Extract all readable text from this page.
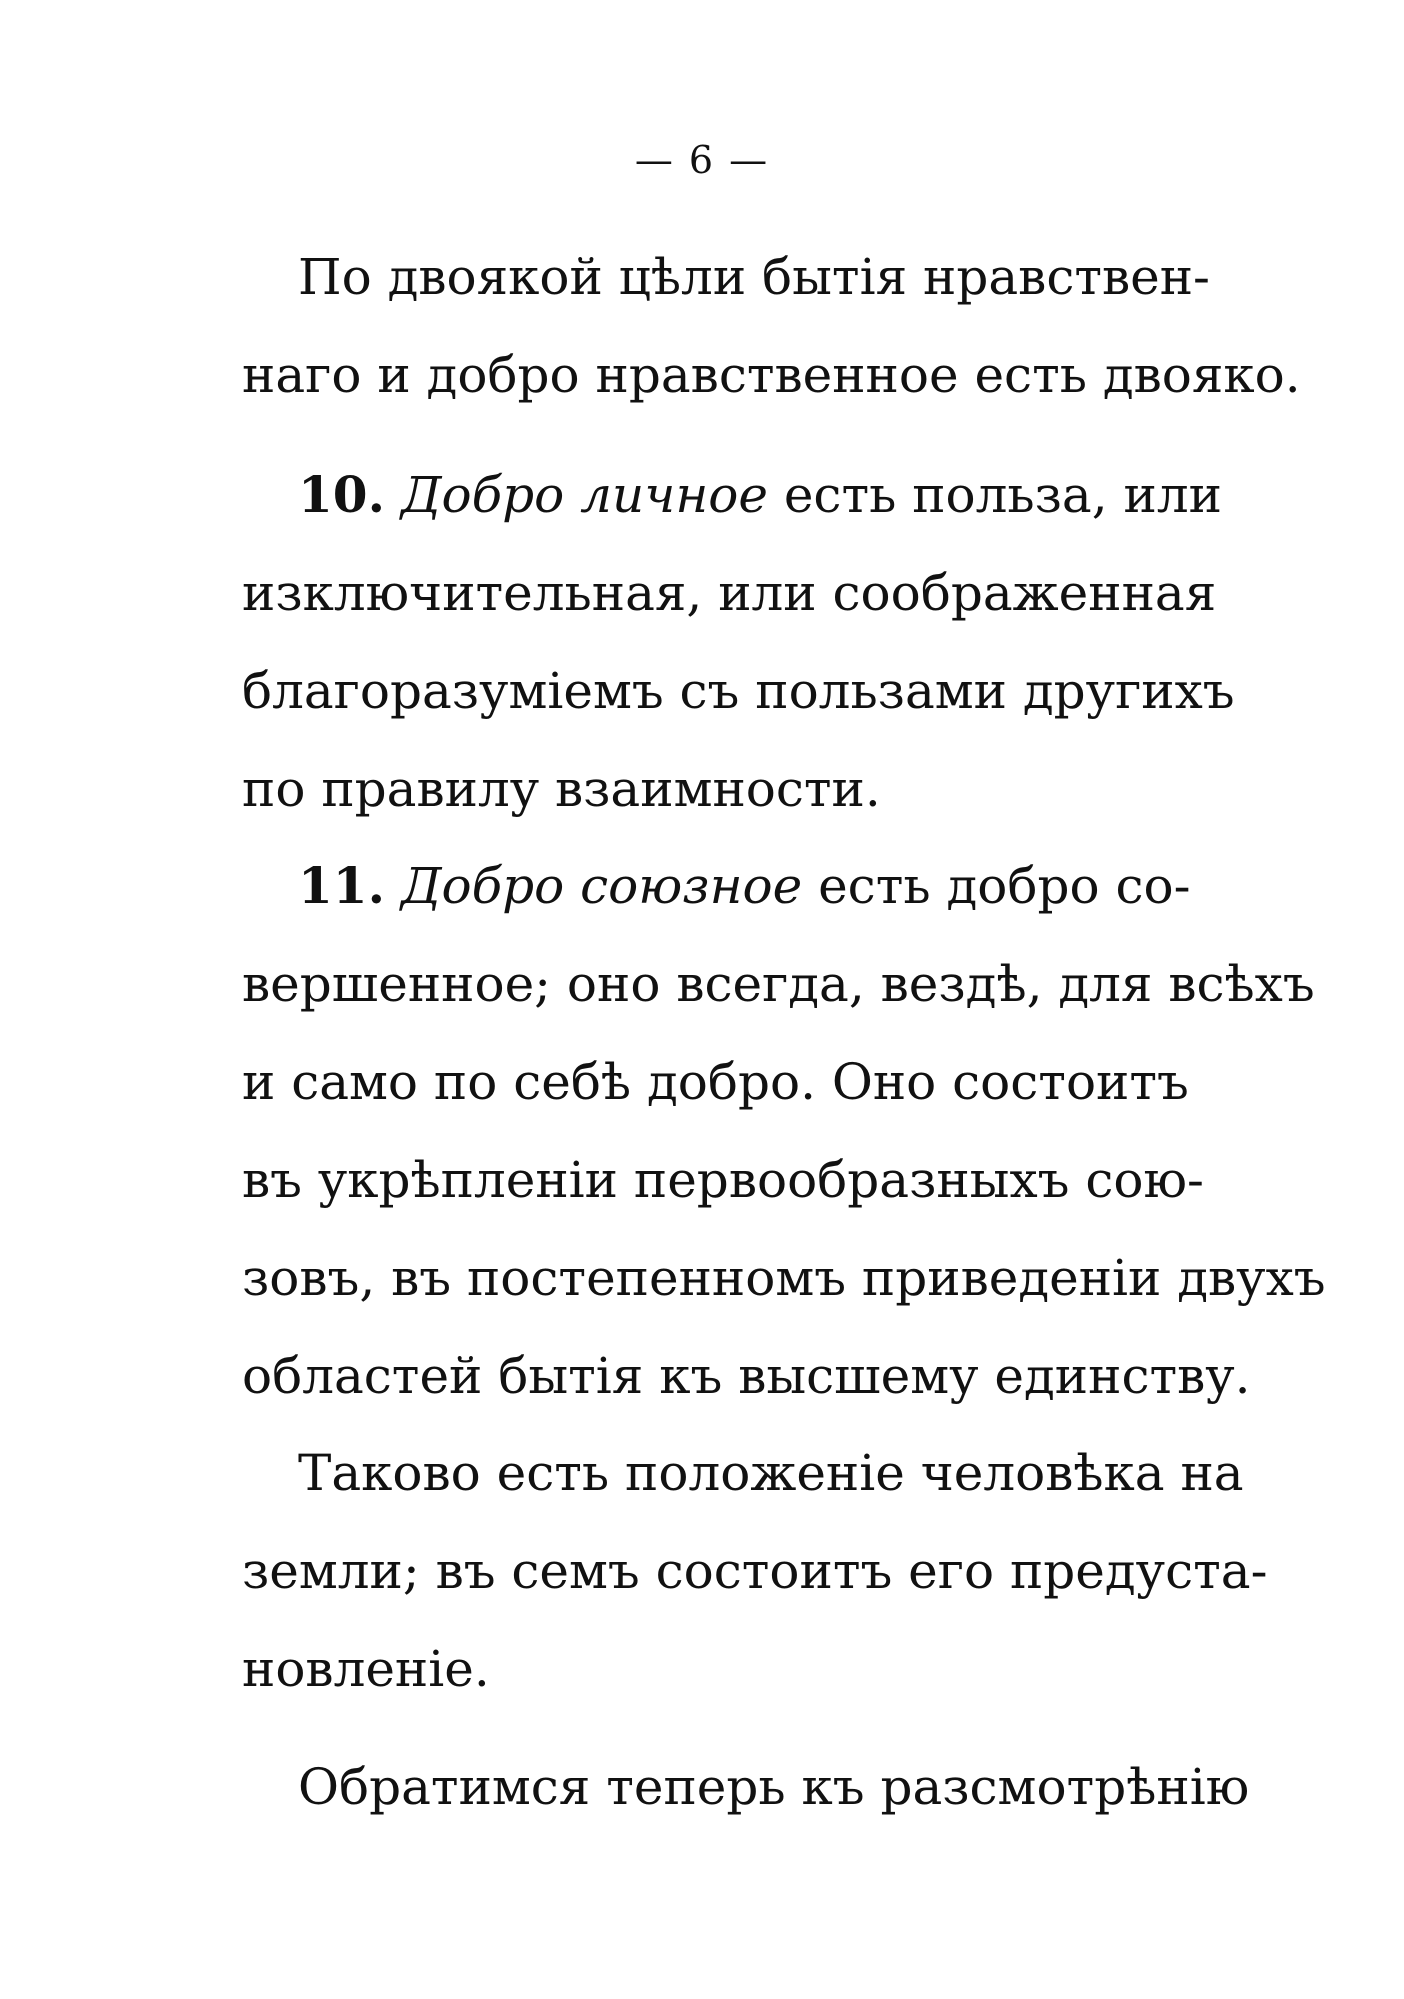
— 6 —
По двоякой цѣли бытія нравствен-
наго и добро нравственное есть двояко.
10. Добро личное есть польза, или
изключительная, или соображенная
благоразуміемъ съ пользами другихъ
по правилу взаимности.
11. Добро союзное есть добро со-
вершенное; оно всегда, вездѣ, для всѣхъ
и само по себѣ добро. Оно состоитъ
въ укрѣпленіи первообразныхъ сою-
зовъ, въ постепенномъ приведеніи двухъ
областей бытія къ высшему единству.
Таково есть положеніе человѣка на
земли; въ семъ состоитъ его предуста-
новленіе.
Обратимся теперь къ разсмотрѣнію
